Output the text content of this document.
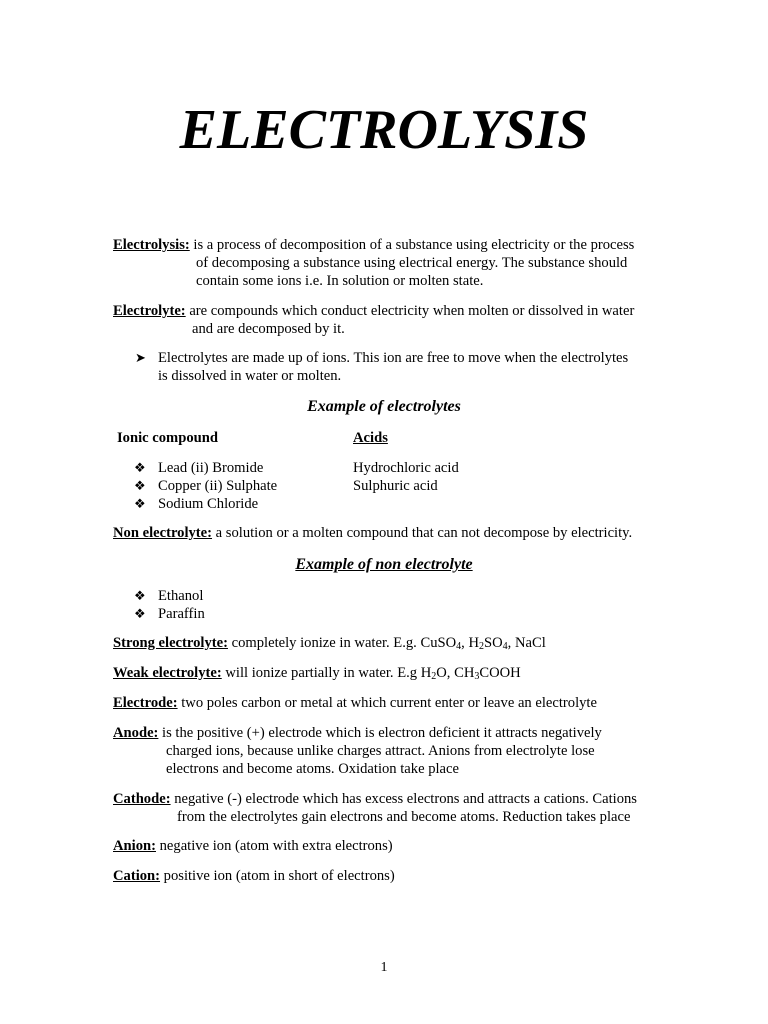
ELECTROLYSIS
Electrolysis: is a process of decomposition of a substance using electricity or the process
of decomposing a substance using electrical energy. The substance should
contain some ions i.e. In solution or molten state.
Electrolyte: are compounds which conduct electricity when molten or dissolved in water
and are decomposed by it.
➤ Electrolytes are made up of ions. This ion are free to move when the electrolytes
is dissolved in water or molten.
Example of electrolytes
Ionic compound	Acids
❖ Lead (ii) Bromide
❖ Copper (ii) Sulphate
❖ Sodium Chloride
Hydrochloric acid
Sulphuric acid
Non electrolyte: a solution or a molten compound that can not decompose by electricity.
Example of non electrolyte
❖ Ethanol
❖ Paraffin
Strong electrolyte: completely ionize in water. E.g. CuSO$_4$, $H_2SO_4$, NaCl
Weak electrolyte: will ionize partially in water. E.g $H_2O$, $CH_3COOH$
Electrode: two poles carbon or metal at which current enter or leave an electrolyte
Anode: is the positive (+) electrode which is electron deficient it attracts negatively
charged ions, because unlike charges attract. Anions from electrolyte lose
electrons and become atoms. Oxidation take place
Cathode: negative (-) electrode which has excess electrons and attracts a cations. Cations
from the electrolytes gain electrons and become atoms. Reduction takes place
Anion: negative ion (atom with extra electrons)
Cation: positive ion (atom in short of electrons)
1
